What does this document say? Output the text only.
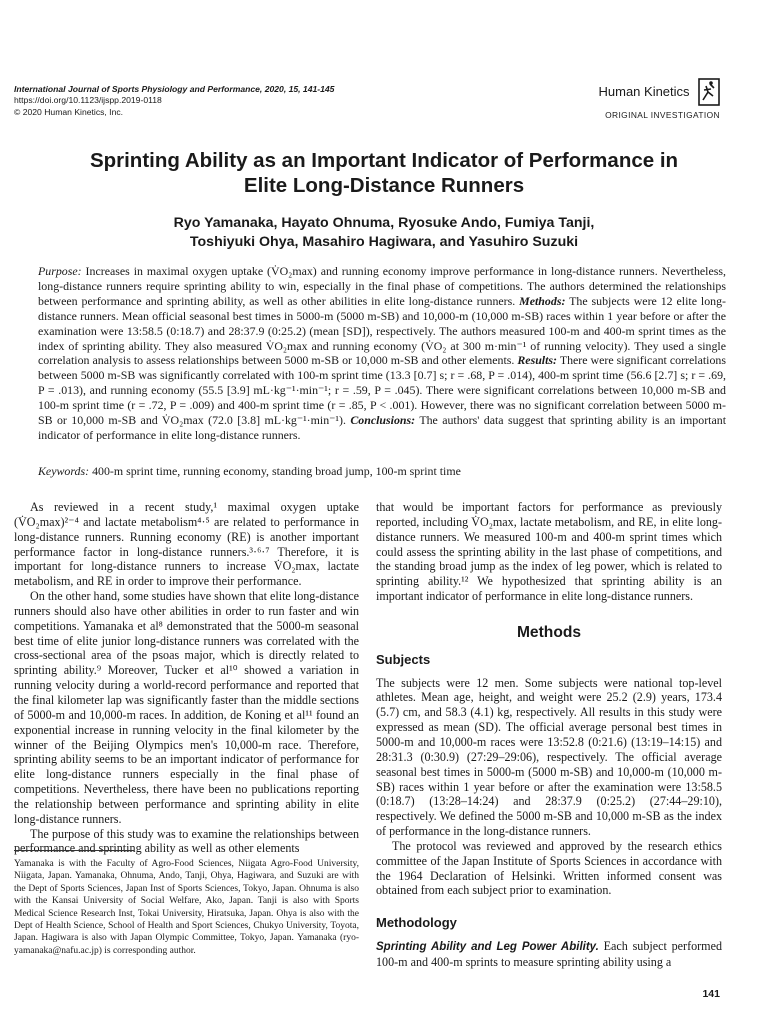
International Journal of Sports Physiology and Performance, 2020, 15, 141-145
https://doi.org/10.1123/ijspp.2019-0118
© 2020 Human Kinetics, Inc.
Human Kinetics
ORIGINAL INVESTIGATION
Sprinting Ability as an Important Indicator of Performance in
Elite Long-Distance Runners
Ryo Yamanaka, Hayato Ohnuma, Ryosuke Ando, Fumiya Tanji,
Toshiyuki Ohya, Masahiro Hagiwara, and Yasuhiro Suzuki
Purpose: Increases in maximal oxygen uptake (V̇O₂max) and running economy improve performance in long-distance runners. Nevertheless, long-distance runners require sprinting ability to win, especially in the final phase of competitions. The authors determined the relationships between performance and sprinting ability, as well as other abilities in elite long-distance runners. Methods: The subjects were 12 elite long-distance runners. Mean official seasonal best times in 5000-m (5000 m-SB) and 10,000-m (10,000 m-SB) races within 1 year before or after the examination were 13:58.5 (0:18.7) and 28:37.9 (0:25.2) (mean [SD]), respectively. The authors measured 100-m and 400-m sprint times as the index of sprinting ability. They also measured V̇O₂max and running economy (V̇O₂ at 300 m·min⁻¹ of running velocity). They used a single correlation analysis to assess relationships between 5000 m-SB or 10,000 m-SB and other elements. Results: There were significant correlations between 5000 m-SB was significantly correlated with 100-m sprint time (13.3 [0.7] s; r = .68, P = .014), 400-m sprint time (56.6 [2.7] s; r = .69, P = .013), and running economy (55.5 [3.9] mL·kg⁻¹·min⁻¹; r = .59, P = .045). There were significant correlations between 10,000 m-SB and 100-m sprint time (r = .72, P = .009) and 400-m sprint time (r = .85, P < .001). However, there was no significant correlation between 5000 m-SB or 10,000 m-SB and V̇O₂max (72.0 [3.8] mL·kg⁻¹·min⁻¹). Conclusions: The authors' data suggest that sprinting ability is an important indicator of performance in elite long-distance runners.
Keywords: 400-m sprint time, running economy, standing broad jump, 100-m sprint time

As reviewed in a recent study,¹ maximal oxygen uptake (V̇O₂max)²⁻⁴ and lactate metabolism⁴·⁵ are related to performance in long-distance runners. Running economy (RE) is another important performance factor in long-distance runners.³·⁶·⁷ Therefore, it is important for long-distance runners to increase V̇O₂max, lactate metabolism, and RE in order to improve their performance.

On the other hand, some studies have shown that elite long-distance runners should also have other abilities in order to run faster and win competitions. Yamanaka et al⁸ demonstrated that the 5000-m seasonal best time of elite junior long-distance runners was correlated with the cross-sectional area of the psoas major, which is directly related to sprinting ability.⁹ Moreover, Tucker et al¹⁰ showed a variation in running velocity during a world-record performance and reported that the final kilometer lap was significantly faster than the middle sections of 5000-m and 10,000-m races. In addition, de Koning et al¹¹ found an exponential increase in running velocity in the final kilometer by the winner of the Beijing Olympics men's 10,000-m race. Therefore, sprinting ability seems to be an important indicator of performance for elite long-distance runners especially in the final phase of competitions. Nevertheless, there have been no publications reporting the relationship between performance and sprinting ability in elite long-distance runners.

The purpose of this study was to examine the relationships between performance and sprinting ability as well as other elements

Yamanaka is with the Faculty of Agro-Food Sciences, Niigata Agro-Food University, Niigata, Japan. Yamanaka, Ohnuma, Ando, Tanji, Ohya, Hagiwara, and Suzuki are with the Dept of Sports Sciences, Japan Inst of Sports Sciences, Tokyo, Japan. Ohnuma is also with the Kansai University of Social Welfare, Ako, Japan. Tanji is also with Sports Medical Science Research Inst, Tokai University, Hiratsuka, Japan. Ohya is also with the Dept of Health Science, School of Health and Sport Sciences, Chukyo University, Toyota, Japan. Hagiwara is also with Japan Olympic Committee, Tokyo, Japan. Yamanaka (ryo-yamanaka@nafu.ac.jp) is corresponding author.

that would be important factors for performance as previously reported, including V̇O₂max, lactate metabolism, and RE, in elite long-distance runners. We measured 100-m and 400-m sprint times which could assess the sprinting ability in the last phase of competitions, and the standing broad jump as the index of leg power, which is related to sprinting ability.¹² We hypothesized that sprinting ability is an important indicator of performance in elite long-distance runners.

Methods
Subjects

The subjects were 12 men. Some subjects were national top-level athletes. Mean age, height, and weight were 25.2 (2.9) years, 173.4 (5.7) cm, and 58.3 (4.1) kg, respectively. All results in this study were expressed as mean (SD). The official average personal best times in 5000-m and 10,000-m races were 13:52.8 (0:21.6) (13:19–14:15) and 28:31.3 (0:30.9) (27:29–29:06), respectively. The official average seasonal best times in 5000-m (5000 m-SB) and 10,000-m (10,000 m-SB) races within 1 year before or after the examination were 13:58.5 (0:18.7) (13:28–14:24) and 28:37.9 (0:25.2) (27:44–29:10), respectively. We defined the 5000 m-SB and 10,000 m-SB as the index of performance in the long-distance runners.

The protocol was reviewed and approved by the research ethics committee of the Japan Institute of Sports Sciences in accordance with the 1964 Declaration of Helsinki. Written informed consent was obtained from each subject prior to examination.

Methodology

Sprinting Ability and Leg Power Ability. Each subject performed 100-m and 400-m sprints to measure sprinting ability using a

141
